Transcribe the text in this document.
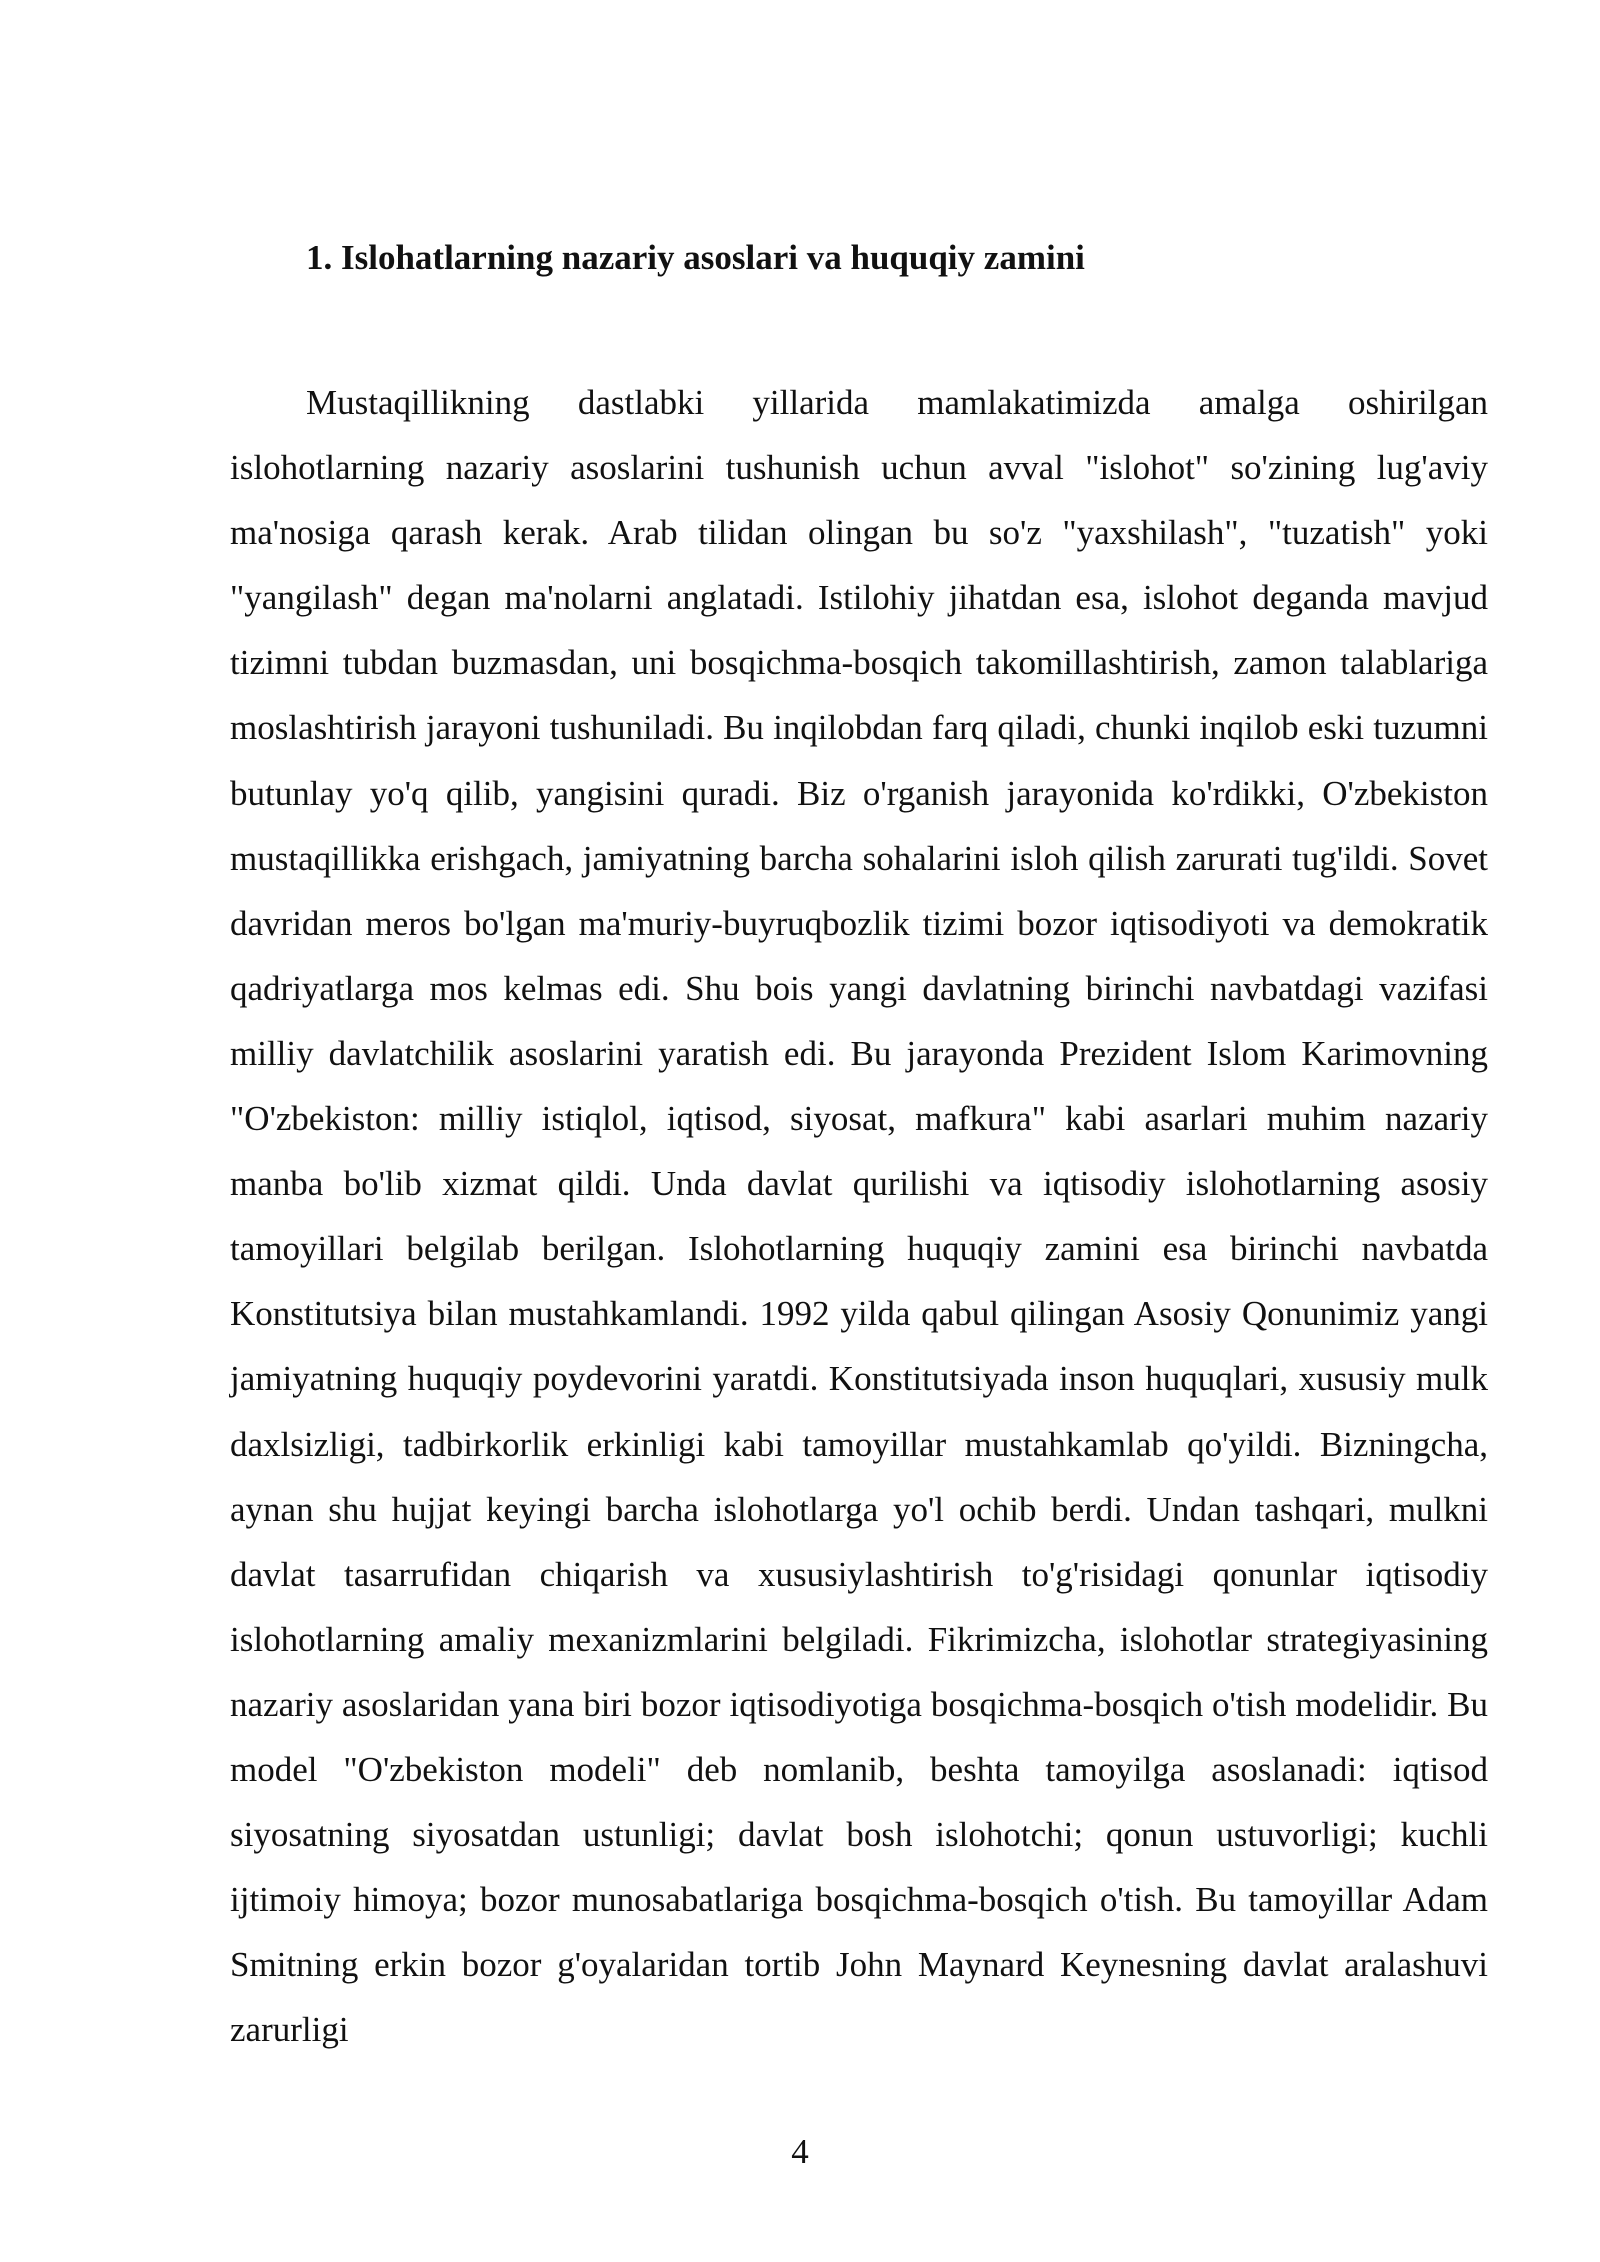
1. Islohatlarning nazariy asoslari va huquqiy zamini

Mustaqillikning dastlabki yillarida mamlakatimizda amalga oshirilgan islohotlarning nazariy asoslarini tushunish uchun avval "islohot" so'zining lug'aviy ma'nosiga qarash kerak. Arab tilidan olingan bu so'z "yaxshilash", "tuzatish" yoki "yangilash" degan ma'nolarni anglatadi. Istilohiy jihatdan esa, islohot deganda mavjud tizimni tubdan buzmasdan, uni bosqichma-bosqich takomillashtirish, zamon talablariga moslashtirish jarayoni tushuniladi. Bu inqilobdan farq qiladi, chunki inqilob eski tuzumni butunlay yo'q qilib, yangisini quradi. Biz o'rganish jarayonida ko'rdikki, O'zbekiston mustaqillikka erishgach, jamiyatning barcha sohalarini isloh qilish zarurati tug'ildi. Sovet davridan meros bo'lgan ma'muriy-buyruqbozlik tizimi bozor iqtisodiyoti va demokratik qadriyatlarga mos kelmas edi. Shu bois yangi davlatning birinchi navbatdagi vazifasi milliy davlatchilik asoslarini yaratish edi. Bu jarayonda Prezident Islom Karimovning "O'zbekiston: milliy istiqlol, iqtisod, siyosat, mafkura" kabi asarlari muhim nazariy manba bo'lib xizmat qildi. Unda davlat qurilishi va iqtisodiy islohotlarning asosiy tamoyillari belgilab berilgan. Islohotlarning huquqiy zamini esa birinchi navbatda Konstitutsiya bilan mustahkamlandi. 1992 yilda qabul qilingan Asosiy Qonunimiz yangi jamiyatning huquqiy poydevorini yaratdi. Konstitutsiyada inson huquqlari, xususiy mulk daxlsizligi, tadbirkorlik erkinligi kabi tamoyillar mustahkamlab qo'yildi. Bizningcha, aynan shu hujjat keyingi barcha islohotlarga yo'l ochib berdi. Undan tashqari, mulkni davlat tasarrufidan chiqarish va xususiylashtirish to'g'risidagi qonunlar iqtisodiy islohotlarning amaliy mexanizmlarini belgiladi. Fikrimizcha, islohotlar strategiyasining nazariy asoslaridan yana biri bozor iqtisodiyotiga bosqichma-bosqich o'tish modelidir. Bu model "O'zbekiston modeli" deb nomlanib, beshta tamoyilga asoslanadi: iqtisod siyosatning siyosatdan ustunligi; davlat bosh islohotchi; qonun ustuvorligi; kuchli ijtimoiy himoya; bozor munosabatlariga bosqichma-bosqich o'tish. Bu tamoyillar Adam Smitning erkin bozor g'oyalaridan tortib John Maynard Keynesning davlat aralashuvi zarurligi

4
